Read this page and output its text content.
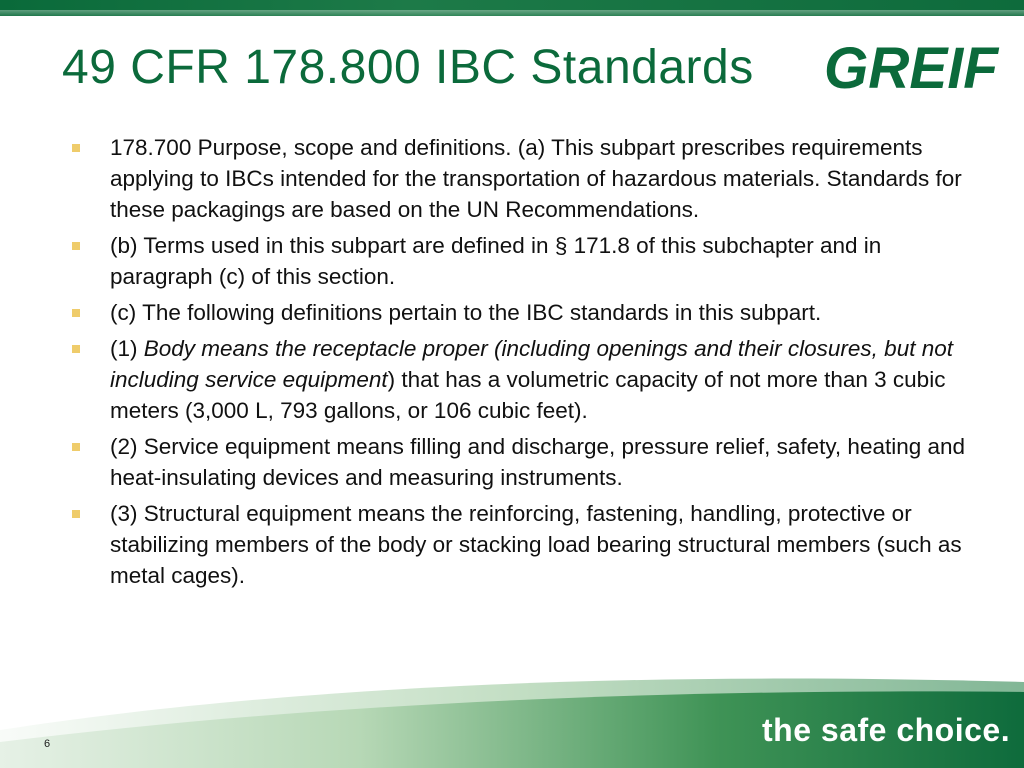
49 CFR 178.800 IBC Standards GREIF
178.700 Purpose, scope and definitions. (a) This subpart prescribes requirements applying to IBCs intended for the transportation of hazardous materials. Standards for these packagings are based on the UN Recommendations.
(b) Terms used in this subpart are defined in § 171.8 of this subchapter and in paragraph (c) of this section.
(c) The following definitions pertain to the IBC standards in this subpart.
(1) Body means the receptacle proper (including openings and their closures, but not including service equipment) that has a volumetric capacity of not more than 3 cubic meters (3,000 L, 793 gallons, or 106 cubic feet).
(2) Service equipment means filling and discharge, pressure relief, safety, heating and heat-insulating devices and measuring instruments.
(3) Structural equipment means the reinforcing, fastening, handling, protective or stabilizing members of the body or stacking load bearing structural members (such as metal cages).
the safe choice.
6
